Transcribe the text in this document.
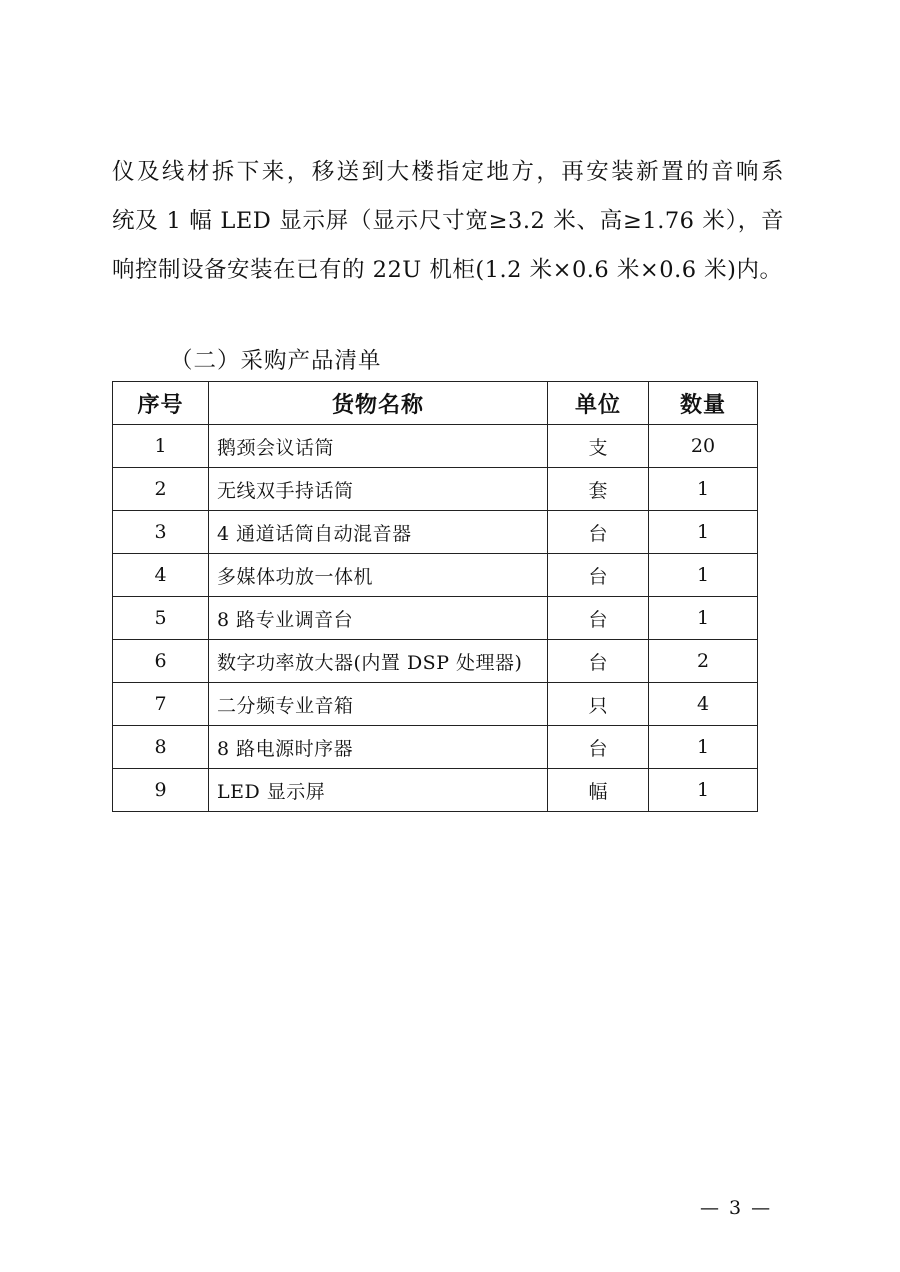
仪及线材拆下来，移送到大楼指定地方，再安装新置的音响系
统及 1 幅 LED 显示屏（显示尺寸宽≥3.2 米、高≥1.76 米），音
响控制设备安装在已有的 22U 机柜(1.2 米×0.6 米×0.6 米)内。
（二）采购产品清单
序号	货物名称	单位	数量
1	鹅颈会议话筒	支	20
2	无线双手持话筒	套	1
3	4 通道话筒自动混音器	台	1
4	多媒体功放一体机	台	1
5	8 路专业调音台	台	1
6	数字功率放大器(内置 DSP 处理器)	台	2
7	二分频专业音箱	只	4
8	8 路电源时序器	台	1
9	LED 显示屏	幅	1
— 3 —
